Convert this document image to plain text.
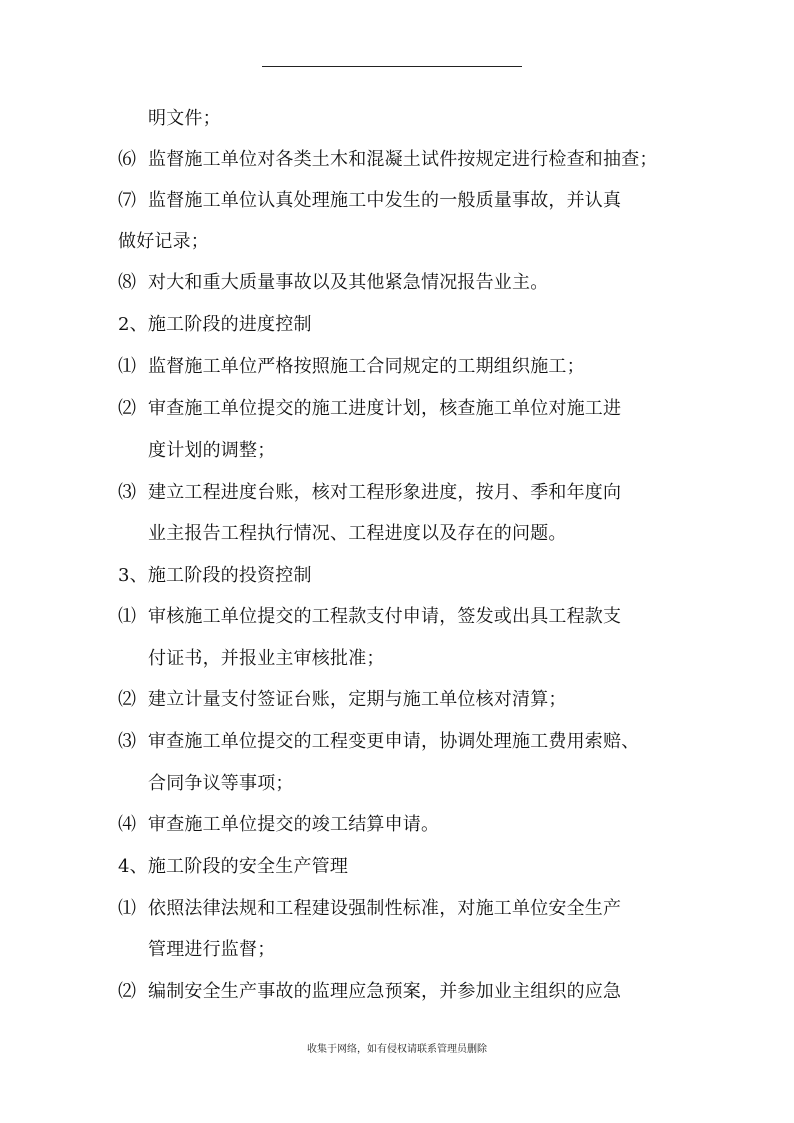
明文件；
⑹ 监督施工单位对各类土木和混凝土试件按规定进行检查和抽查；
⑺ 监督施工单位认真处理施工中发生的一般质量事故，并认真
做好记录；
⑻ 对大和重大质量事故以及其他紧急情况报告业主。
2、施工阶段的进度控制
⑴ 监督施工单位严格按照施工合同规定的工期组织施工；
⑵ 审查施工单位提交的施工进度计划，核查施工单位对施工进
度计划的调整；
⑶ 建立工程进度台账，核对工程形象进度，按月、季和年度向
业主报告工程执行情况、工程进度以及存在的问题。
3、施工阶段的投资控制
⑴ 审核施工单位提交的工程款支付申请，签发或出具工程款支
付证书，并报业主审核批准；
⑵ 建立计量支付签证台账，定期与施工单位核对清算；
⑶ 审查施工单位提交的工程变更申请，协调处理施工费用索赔、
合同争议等事项；
⑷ 审查施工单位提交的竣工结算申请。
4、施工阶段的安全生产管理
⑴ 依照法律法规和工程建设强制性标准，对施工单位安全生产
管理进行监督；
⑵ 编制安全生产事故的监理应急预案，并参加业主组织的应急
收集于网络，如有侵权请联系管理员删除
